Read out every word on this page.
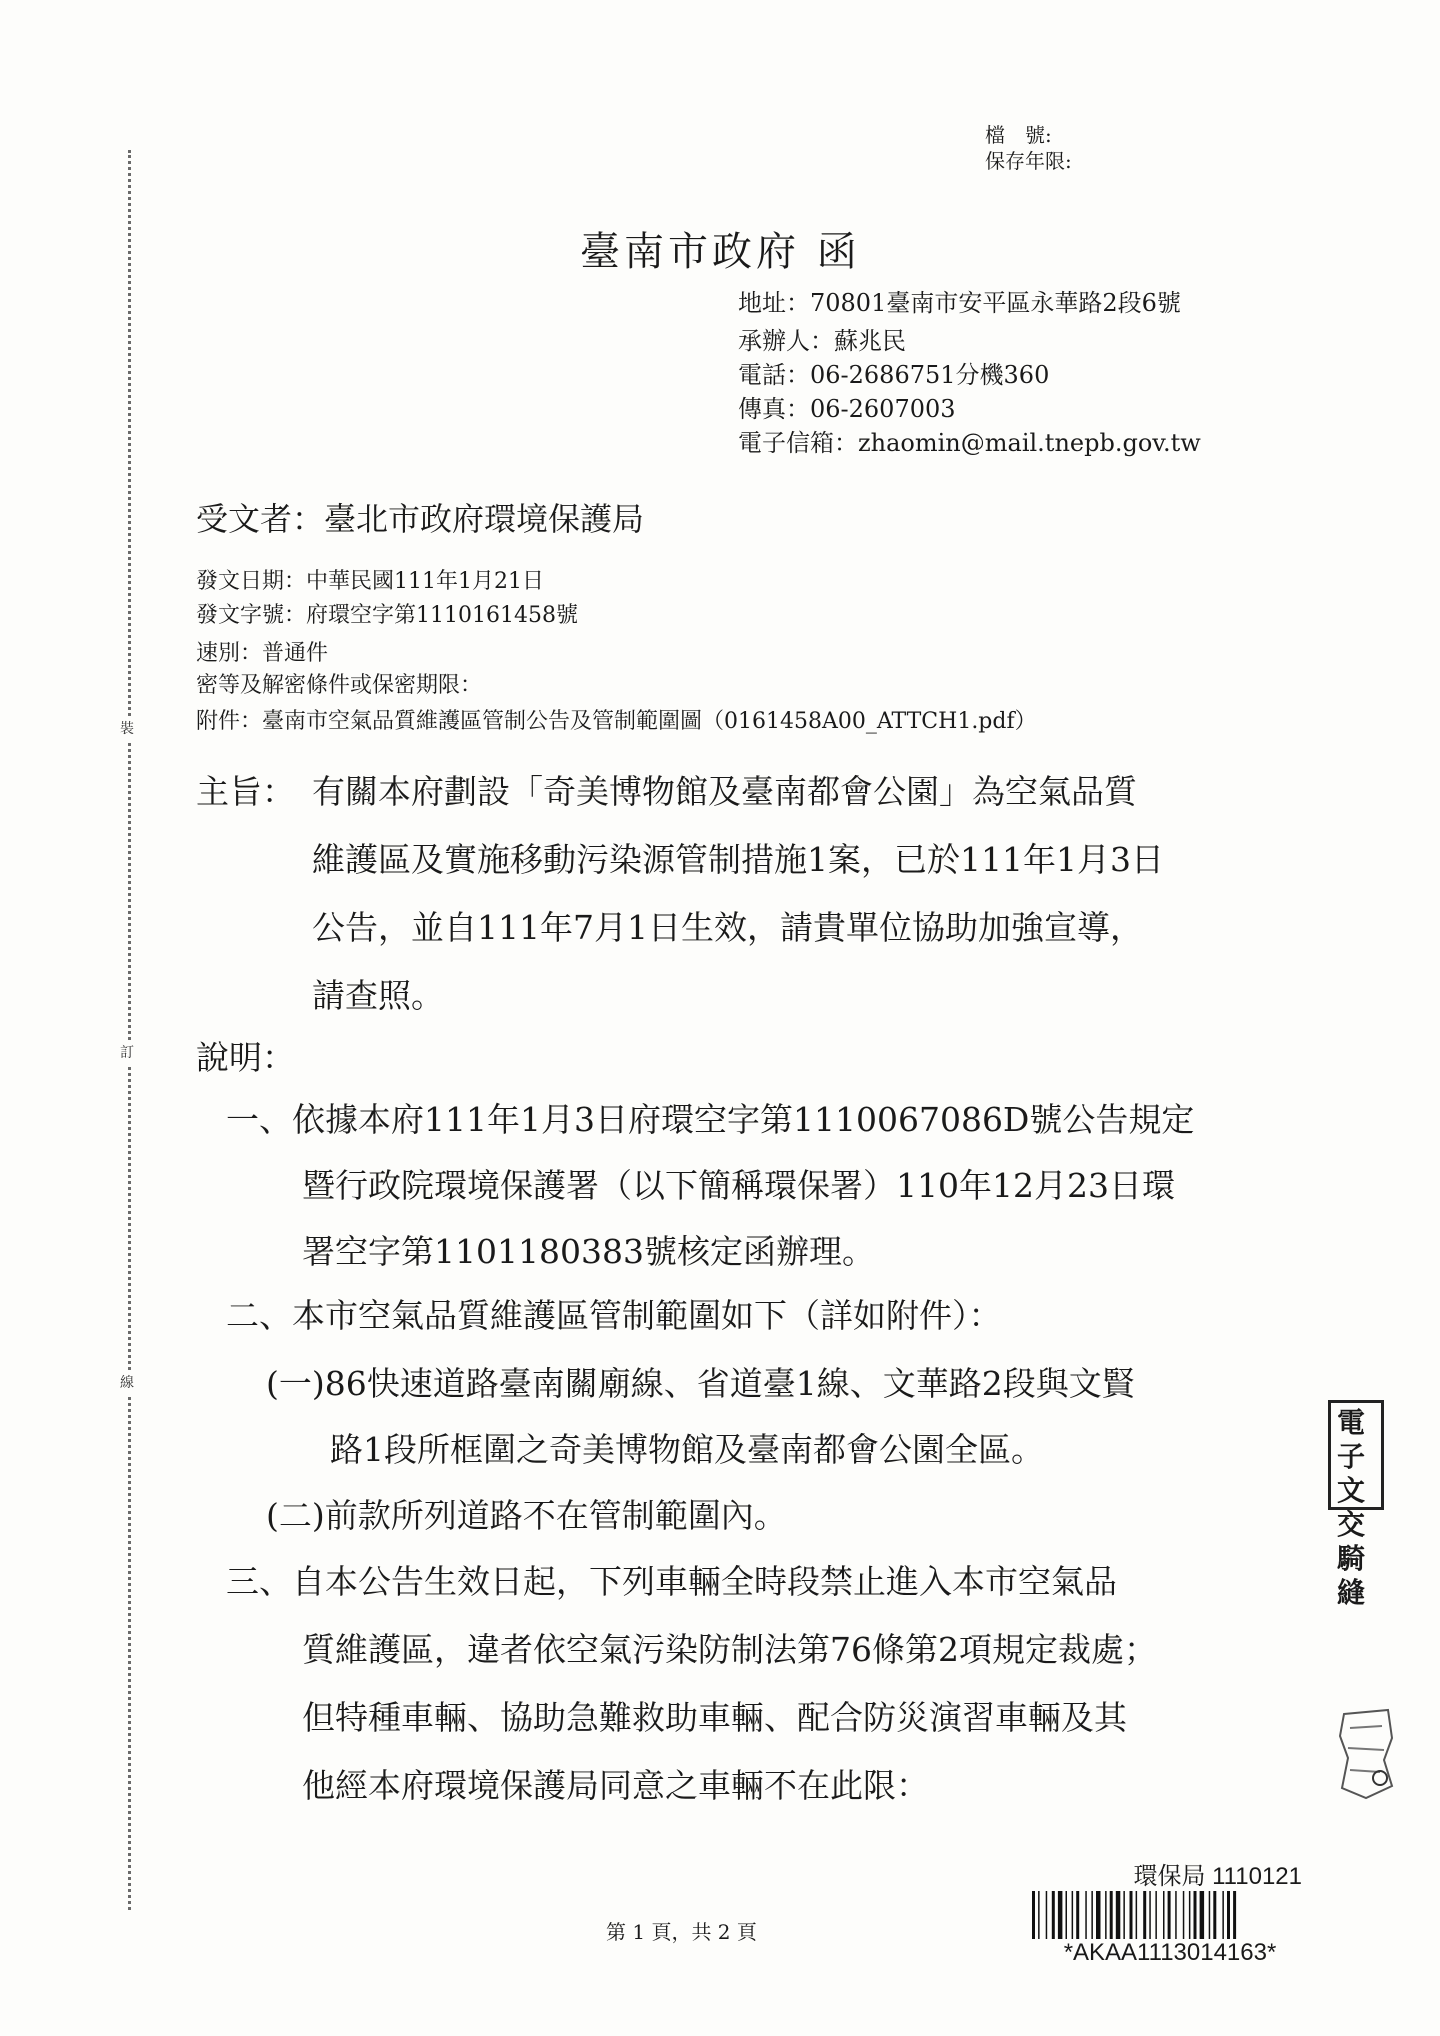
裝
訂
線
檔　號:
保存年限:
臺南市政府 函
地址：70801臺南市安平區永華路2段6號
承辦人：蘇兆民
電話：06-2686751分機360
傳真：06-2607003
電子信箱：zhaomin@mail.tnepb.gov.tw
受文者：臺北市政府環境保護局
發文日期：中華民國111年1月21日
發文字號：府環空字第1110161458號
速別：普通件
密等及解密條件或保密期限：
附件：臺南市空氣品質維護區管制公告及管制範圍圖（0161458A00_ATTCH1.pdf）
主旨： 有關本府劃設「奇美博物館及臺南都會公園」為空氣品質
維護區及實施移動污染源管制措施1案，已於111年1月3日
公告，並自111年7月1日生效，請貴單位協助加強宣導，
請查照。
說明：
一、依據本府111年1月3日府環空字第1110067086D號公告規定
暨行政院環境保護署（以下簡稱環保署）110年12月23日環
署空字第1101180383號核定函辦理。
二、本市空氣品質維護區管制範圍如下（詳如附件）：
(一)86快速道路臺南關廟線、省道臺1線、文華路2段與文賢
路1段所框圍之奇美博物館及臺南都會公園全區。
(二)前款所列道路不在管制範圍內。
三、自本公告生效日起，下列車輛全時段禁止進入本市空氣品
質維護區，違者依空氣污染防制法第76條第2項規定裁處；
但特種車輛、協助急難救助車輛、配合防災演習車輛及其
他經本府環境保護局同意之車輛不在此限：
電子
文交
騎縫
第 1 頁，共 2 頁
環保局 1110121
*AKAA1113014163*
